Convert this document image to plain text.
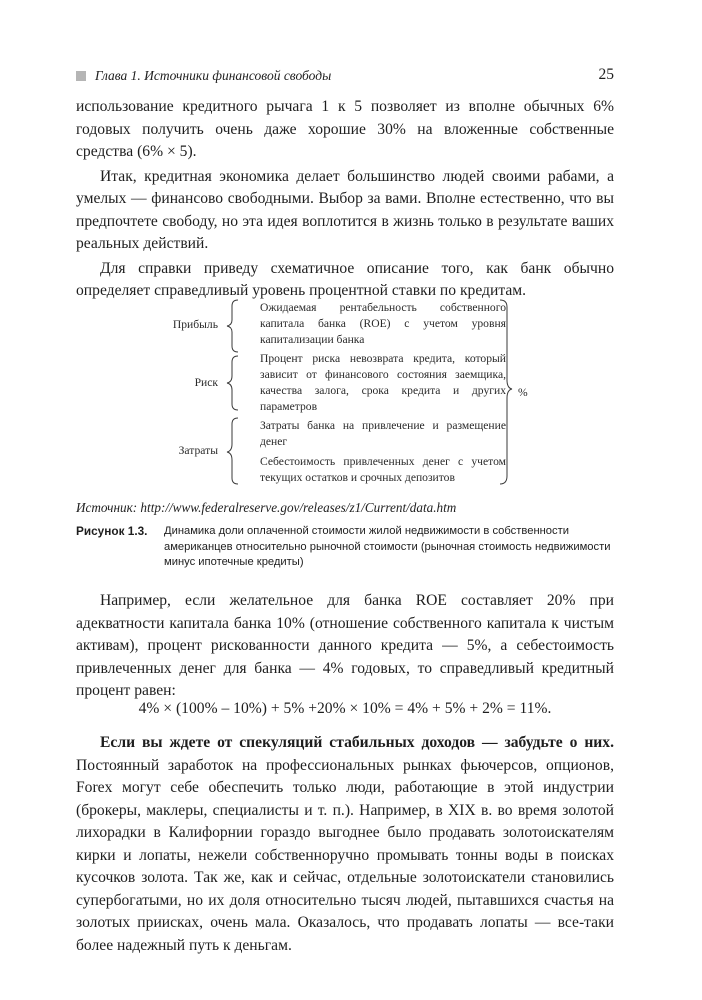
Глава 1. Источники финансовой свободы	25

использование кредитного рычага 1 к 5 позволяет из вполне обычных 6% годовых получить очень даже хорошие 30% на вложенные собственные средства (6% × 5).

Итак, кредитная экономика делает большинство людей своими рабами, а умелых — финансово свободными. Выбор за вами. Вполне естественно, что вы предпочтете свободу, но эта идея воплотится в жизнь только в результате ваших реальных действий.

Для справки приведу схематичное описание того, как банк обычно определяет справедливый уровень процентной ставки по кредитам.

Прибыль
Ожидаемая рентабельность собственного капитала банка (ROE) с учетом уровня капитализации банка
Риск
Процент риска невозврата кредита, который зависит от финансового состояния заемщика, качества залога, срока кредита и других параметров
Затраты
Затраты банка на привлечение и размещение денег
Себестоимость привлеченных денег с учетом текущих остатков и срочных депозитов
%
Источник: http://www.federalreserve.gov/releases/z1/Current/data.htm
Рисунок 1.3. Динамика доли оплаченной стоимости жилой недвижимости в собственности американцев относительно рыночной стоимости (рыночная стоимость недвижимости минус ипотечные кредиты)

Например, если желательное для банка ROE составляет 20% при адекватности капитала банка 10% (отношение собственного капитала к чистым активам), процент рискованности данного кредита — 5%, а себестоимость привлеченных денег для банка — 4% годовых, то справедливый кредитный процент равен:

4% × (100% – 10%) + 5% +20% × 10% = 4% + 5% + 2% = 11%.

Если вы ждете от спекуляций стабильных доходов — забудьте о них. Постоянный заработок на профессиональных рынках фьючерсов, опционов, Forex могут себе обеспечить только люди, работающие в этой индустрии (брокеры, маклеры, специалисты и т. п.). Например, в XIX в. во время золотой лихорадки в Калифорнии гораздо выгоднее было продавать золотоискателям кирки и лопаты, нежели собственноручно промывать тонны воды в поисках кусочков золота. Так же, как и сейчас, отдельные золотоискатели становились супербогатыми, но их доля относительно тысяч людей, пытавшихся счастья на золотых приисках, очень мала. Оказалось, что продавать лопаты — все-таки более надежный путь к деньгам.
